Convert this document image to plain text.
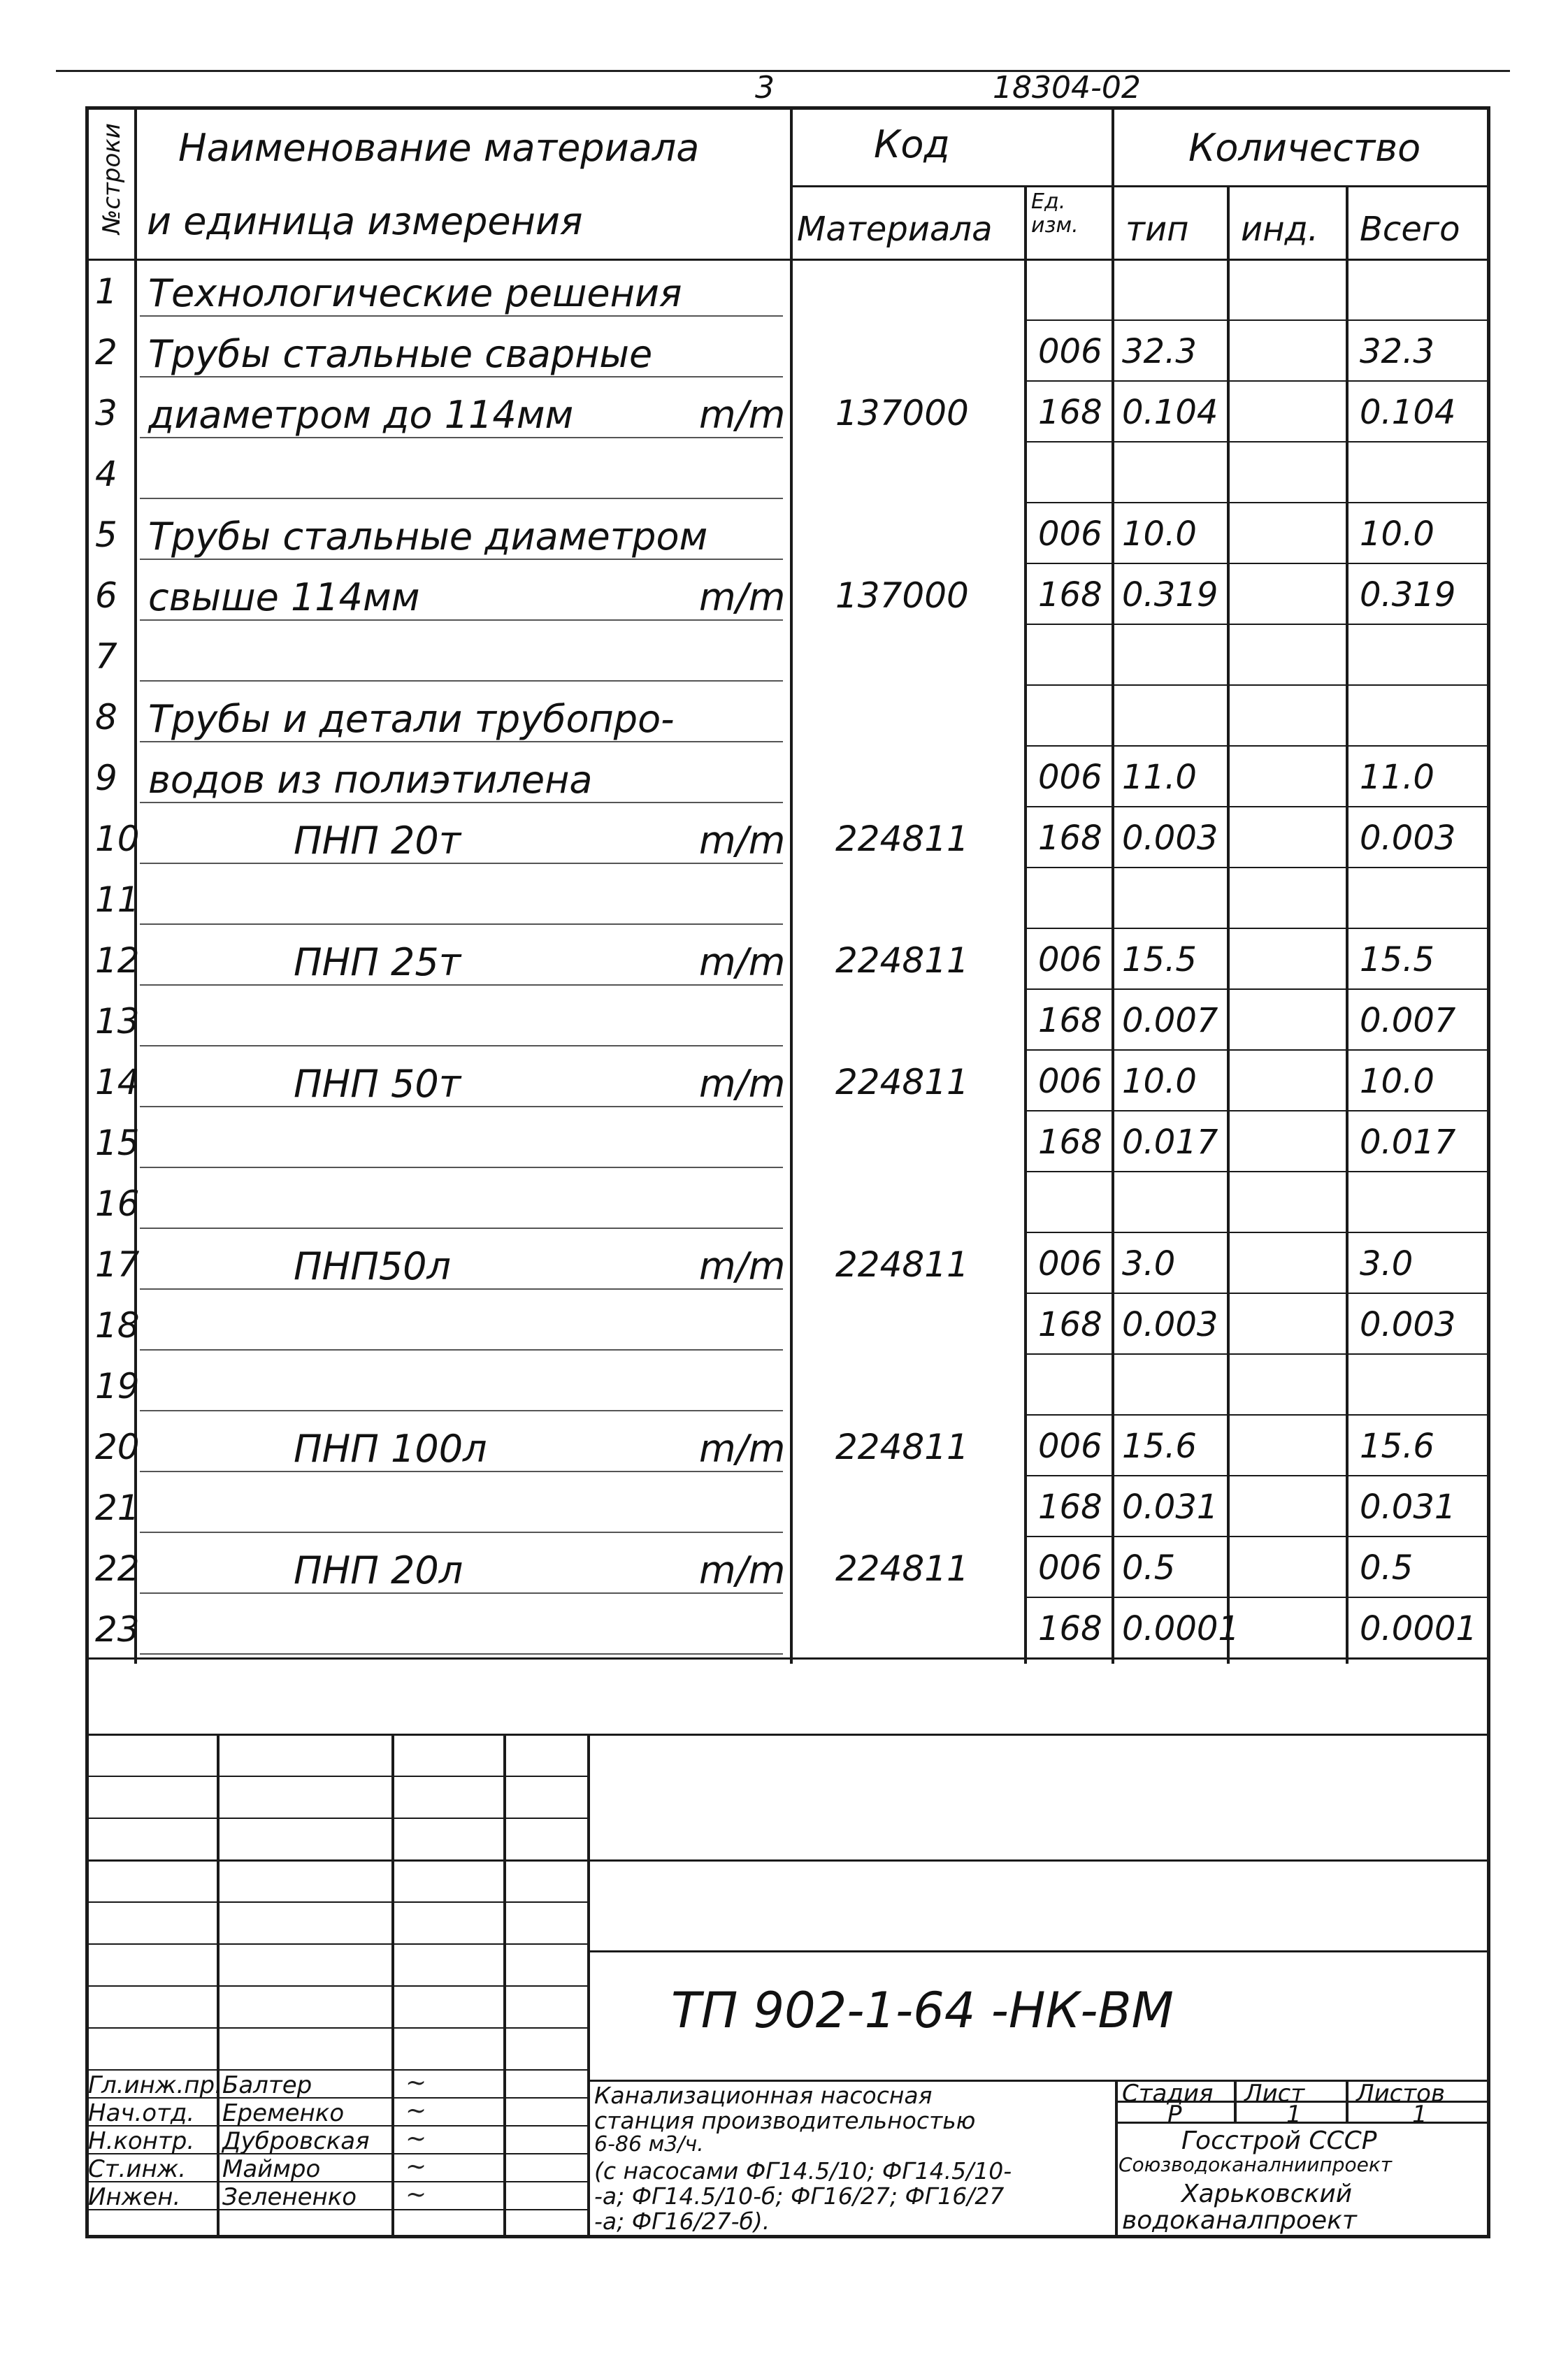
3	18304-02
№строки Наименование материала
и единица измерения
Код
Материала
Ед. изм.
Количество
тип инд. Всего
1 Технологические решения
2 Трубы стальные сварные	006 32.3	32.3
3 диаметром до 114мм	m/m 137000 168 0.104	0.104
4
5 Трубы стальные диаметром	006 10.0	10.0
6 свыше 114мм	m/m 137000 168 0.319	0.319
7
8 Трубы и детали трубопро-
9 водов из полиэтилена	006 11.0	11.0
10	ПНП 20т	m/m 224811 168 0.003	0.003
11
12	ПНП 25т	m/m 224811 006 15.5	15.5
13	168 0.007	0.007
14	ПНП 50т	m/m 224811 006 10.0	10.0
15	168 0.017	0.017
16
17	ПНП50л	m/m 224811 006 3.0	3.0
18	168 0.003	0.003
19
20	ПНП 100л	m/m 224811 006 15.6	15.6
21	168 0.031	0.031
22	ПНП 20л	m/m 224811 006 0.5	0.5
23	168 0.0001	0.0001
ТП 902-1-64 -НК-ВМ
Гл.инж.пр. Балтер	~
Нач.отд. Еременко ~
Н.контр. Дубровская ~
Ст.инж. Маймро	~
Инжен. Зелененко ~
Канализационная насосная
станция производительностью
6-86 м3/ч.
(с насосами ФГ14.5/10; ФГ14.5/10-
-а; ФГ14.5/10-б; ФГ16/27; ФГ16/27
-а; ФГ16/27-б).
Стадия Лист Листов
Р	1	1
Госстрой СССР
Союзводоканалниипроект
Харьковский
водоканалпроект
